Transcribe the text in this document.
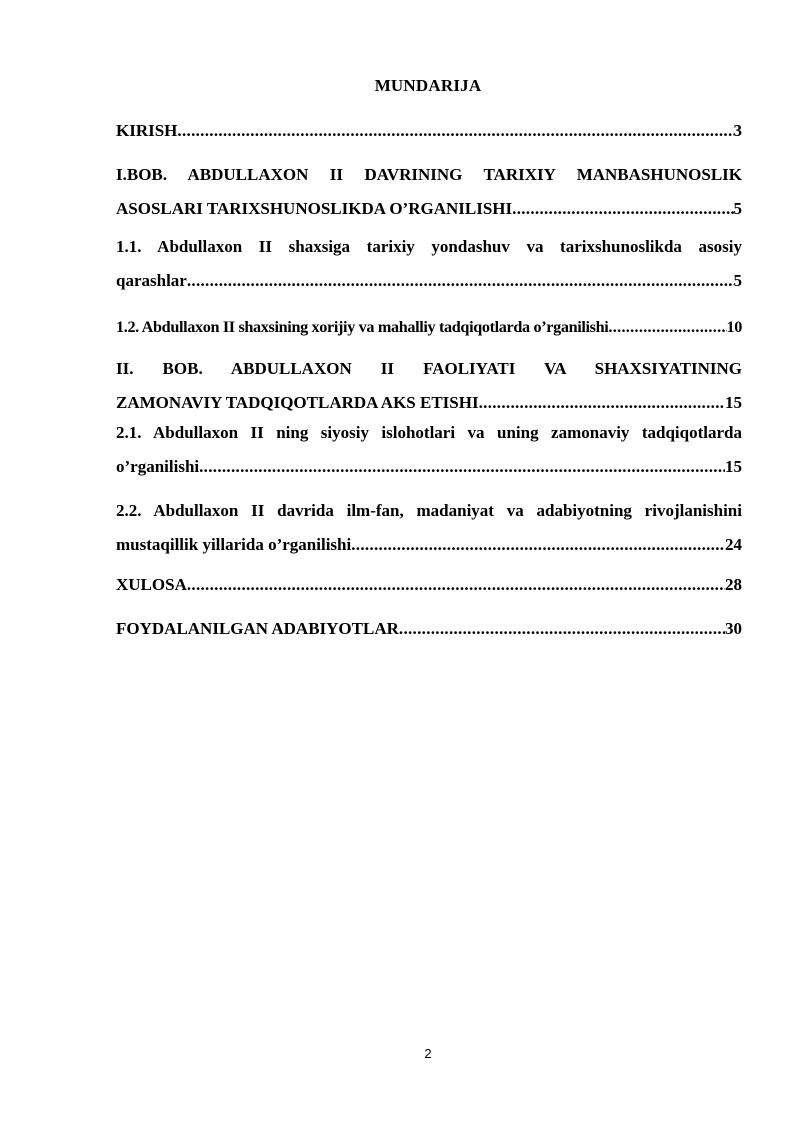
MUNDARIJA
KIRISH .....	3
I.BOB. ABDULLAXON II DAVRINING TARIXIY MANBASHUNOSLIK
ASOSLARI TARIXSHUNOSLIKDA O’RGANILISHI .....	5
1.1. Abdullaxon II shaxsiga tarixiy yondashuv va tarixshunoslikda asosiy
qarashlar .....	5
1.2. Abdullaxon II shaxsining xorijiy va mahalliy tadqiqotlarda o’rganilishi .....	10
II. BOB. ABDULLAXON II FAOLIYATI VA SHAXSIYATINING
ZAMONAVIY TADQIQOTLARDA AKS ETISHI .....	15
2.1. Abdullaxon II ning siyosiy islohotlari va uning zamonaviy tadqiqotlarda
o’rganilishi .....	15
2.2. Abdullaxon II davrida ilm-fan, madaniyat va adabiyotning rivojlanishini
mustaqillik yillarida o’rganilishi .....	24
XULOSA .....	28
FOYDALANILGAN ADABIYOTLAR .....	30
2
